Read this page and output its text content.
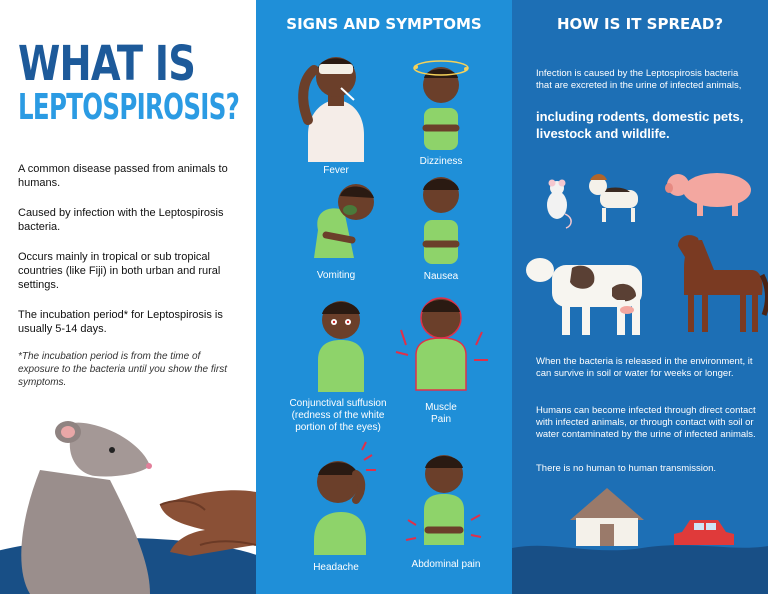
WHAT IS
LEPTOSPIROSIS?
A common disease passed from animals to humans.
Caused by infection with the Leptospirosis bacteria.
Occurs mainly in tropical or sub tropical countries (like Fiji) in both urban and rural settings.
The incubation period* for Leptospirosis is usually 5-14 days.
*The incubation period is from the time of exposure to the bacteria until you show the first symptoms.
SIGNS AND SYMPTOMS
Fever
Dizziness
Vomiting	Nausea
Conjunctival suffusion (redness of the white portion of the eyes)
Muscle Pain
Headache	Abdominal pain
HOW IS IT SPREAD?
Infection is caused by the Leptospirosis bacteria that are excreted in the urine of infected animals,
including rodents, domestic pets, livestock and wildlife.
When the bacteria is released in the environment, it can survive in soil or water for weeks or longer.
Humans can become infected through direct contact with infected animals, or through contact with soil or water contaminated by the urine of infected animals.
There is no human to human transmission.
